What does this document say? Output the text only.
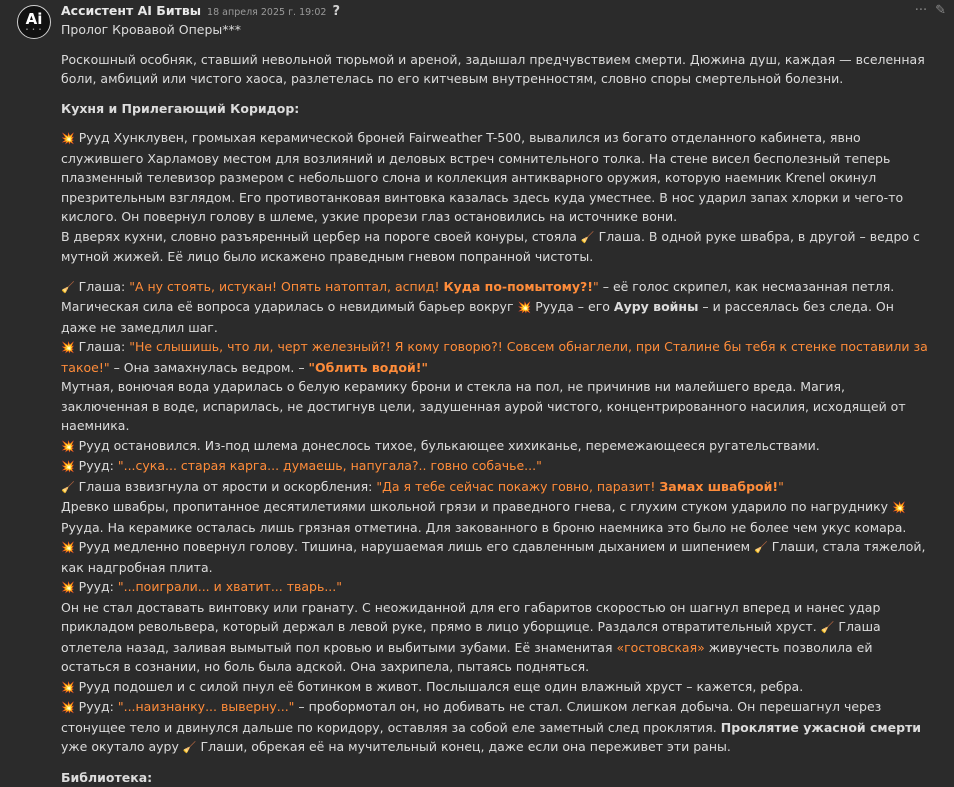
Ai
• • •
Ассистент AI Битвы 18 апреля 2025 г. 19:02 ?	··· ✎

Пролог Кровавой Оперы***

Роскошный особняк, ставший невольной тюрьмой и ареной, задышал предчувствием смерти. Дюжина душ, каждая — вселенная боли, амбиций или чистого хаоса, разлетелась по его китчевым внутренностям, словно споры смертельной болезни.

Кухня и Прилегающий Коридор:

💥 Рууд Хунклувен, громыхая керамической броней Fairweather T-500, вывалился из богато отделанного кабинета, явно служившего Харламову местом для возлияний и деловых встреч сомнительного толка. На стене висел бесполезный теперь плазменный телевизор размером с небольшого слона и коллекция антикварного оружия, которую наемник Krenel окинул презрительным взглядом. Его противотанковая винтовка казалась здесь куда уместнее. В нос ударил запах хлорки и чего-то кислого. Он повернул голову в шлеме, узкие прорези глаз остановились на источнике вони.

В дверях кухни, словно разъяренный цербер на пороге своей конуры, стояла 🧹 Глаша. В одной руке швабра, в другой – ведро с мутной жижей. Её лицо было искажено праведным гневом попранной чистоты.

🧹 Глаша: "А ну стоять, истукан! Опять натоптал, аспид! Куда по-помытому?!" – её голос скрипел, как несмазанная петля. Магическая сила её вопроса ударилась о невидимый барьер вокруг 💥 Рууда – его Ауру войны – и рассеялась без следа. Он даже не замедлил шаг.

💥 Глаша: "Не слышишь, что ли, черт железный?! Я кому говорю?! Совсем обнаглели, при Сталине бы тебя к стенке поставили за такое!" – Она замахнулась ведром. – "Облить водой!"

Мутная, вонючая вода ударилась о белую керамику брони и стекла на пол, не причинив ни малейшего вреда. Магия, заключенная в воде, испарилась, не достигнув цели, задушенная аурой чистого, концентрированного насилия, исходящей от наемника.

💥 Рууд остановился. Из-под шлема донеслось тихое, булькающее хихиканье, перемежающееся ругательствами.

💥 Рууд: "...сука... старая карга... думаешь, напугала?.. говно собачье..."

🧹 Глаша взвизгнула от ярости и оскорбления: "Да я тебе сейчас покажу говно, паразит! Замах шваброй!"

Древко швабры, пропитанное десятилетиями школьной грязи и праведного гнева, с глухим стуком ударило по нагруднику 💥 Рууда. На керамике осталась лишь грязная отметина. Для закованного в броню наемника это было не более чем укус комара.

💥 Рууд медленно повернул голову. Тишина, нарушаемая лишь его сдавленным дыханием и шипением 🧹 Глаши, стала тяжелой, как надгробная плита.

💥 Рууд: "...поиграли... и хватит... тварь..."

Он не стал доставать винтовку или гранату. С неожиданной для его габаритов скоростью он шагнул вперед и нанес удар прикладом револьвера, который держал в левой руке, прямо в лицо уборщице. Раздался отвратительный хруст. 🧹 Глаша отлетела назад, заливая вымытый пол кровью и выбитыми зубами. Её знаменитая «гостовская» живучесть позволила ей остаться в сознании, но боль была адской. Она захрипела, пытаясь подняться.

💥 Рууд подошел и с силой пнул её ботинком в живот. Послышался еще один влажный хруст – кажется, ребра.

💥 Рууд: "...наизнанку... выверну..." – пробормотал он, но добивать не стал. Слишком легкая добыча. Он перешагнул через стонущее тело и двинулся дальше по коридору, оставляя за собой еле заметный след проклятия. Проклятие ужасной смерти уже окутало ауру 🧹 Глаши, обрекая её на мучительный конец, даже если она переживет эти раны.

Библиотека:
